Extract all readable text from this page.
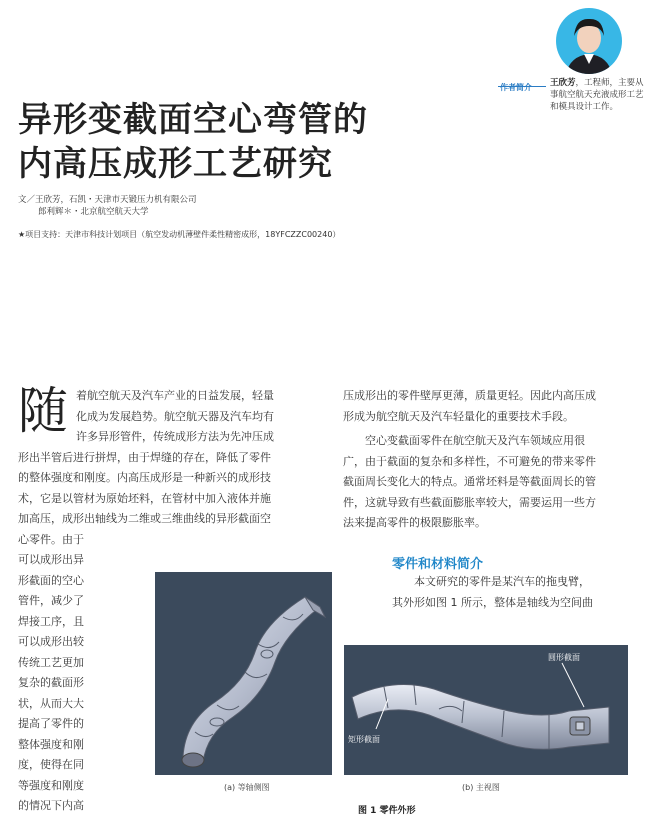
作者简介 王欣芳，工程师，主要从事航空航天充液成形工艺和模具设计工作。
异形变截面空心弯管的
内高压成形工艺研究
文／王欣芳，石凯・天津市天锻压力机有限公司
郎利辉＊・北京航空航天大学
★项目支持：天津市科技计划项目（航空发动机薄壁件柔性精密成形，18YFCZZC00240）
随 着航空航天及汽车产业的日益发展，轻量
化成为发展趋势。航空航天器及汽车均有
许多异形管件，传统成形方法为先冲压成
形出半管后进行拼焊，由于焊缝的存在，降低了零件
的整体强度和刚度。内高压成形是一种新兴的成形技
术，它是以管材为原始坯料，在管材中加入液体并施
加高压，成形出轴线为二维或三维曲线的异形截面空
心零件。由于
可以成形出异
形截面的空心
管件，减少了
焊接工序，且
可以成形出较
传统工艺更加
复杂的截面形
状，从而大大
提高了零件的
整体强度和刚
度，使得在同
等强度和刚度
的情况下内高
压成形出的零件壁厚更薄，质量更轻。因此内高压成
形成为航空航天及汽车轻量化的重要技术手段。
　　空心变截面零件在航空航天及汽车领域应用很
广，由于截面的复杂和多样性，不可避免的带来零件
截面周长变化大的特点。通常坯料是等截面周长的管
件，这就导致有些截面膨胀率较大，需要运用一些方
法来提高零件的极限膨胀率。
零件和材料简介
　　本文研究的零件是某汽车的拖曳臂，
其外形如图 1 所示，整体是轴线为空间曲
(a) 等轴侧图
圆形截面
矩形截面
(b) 主视图
图 1 零件外形
